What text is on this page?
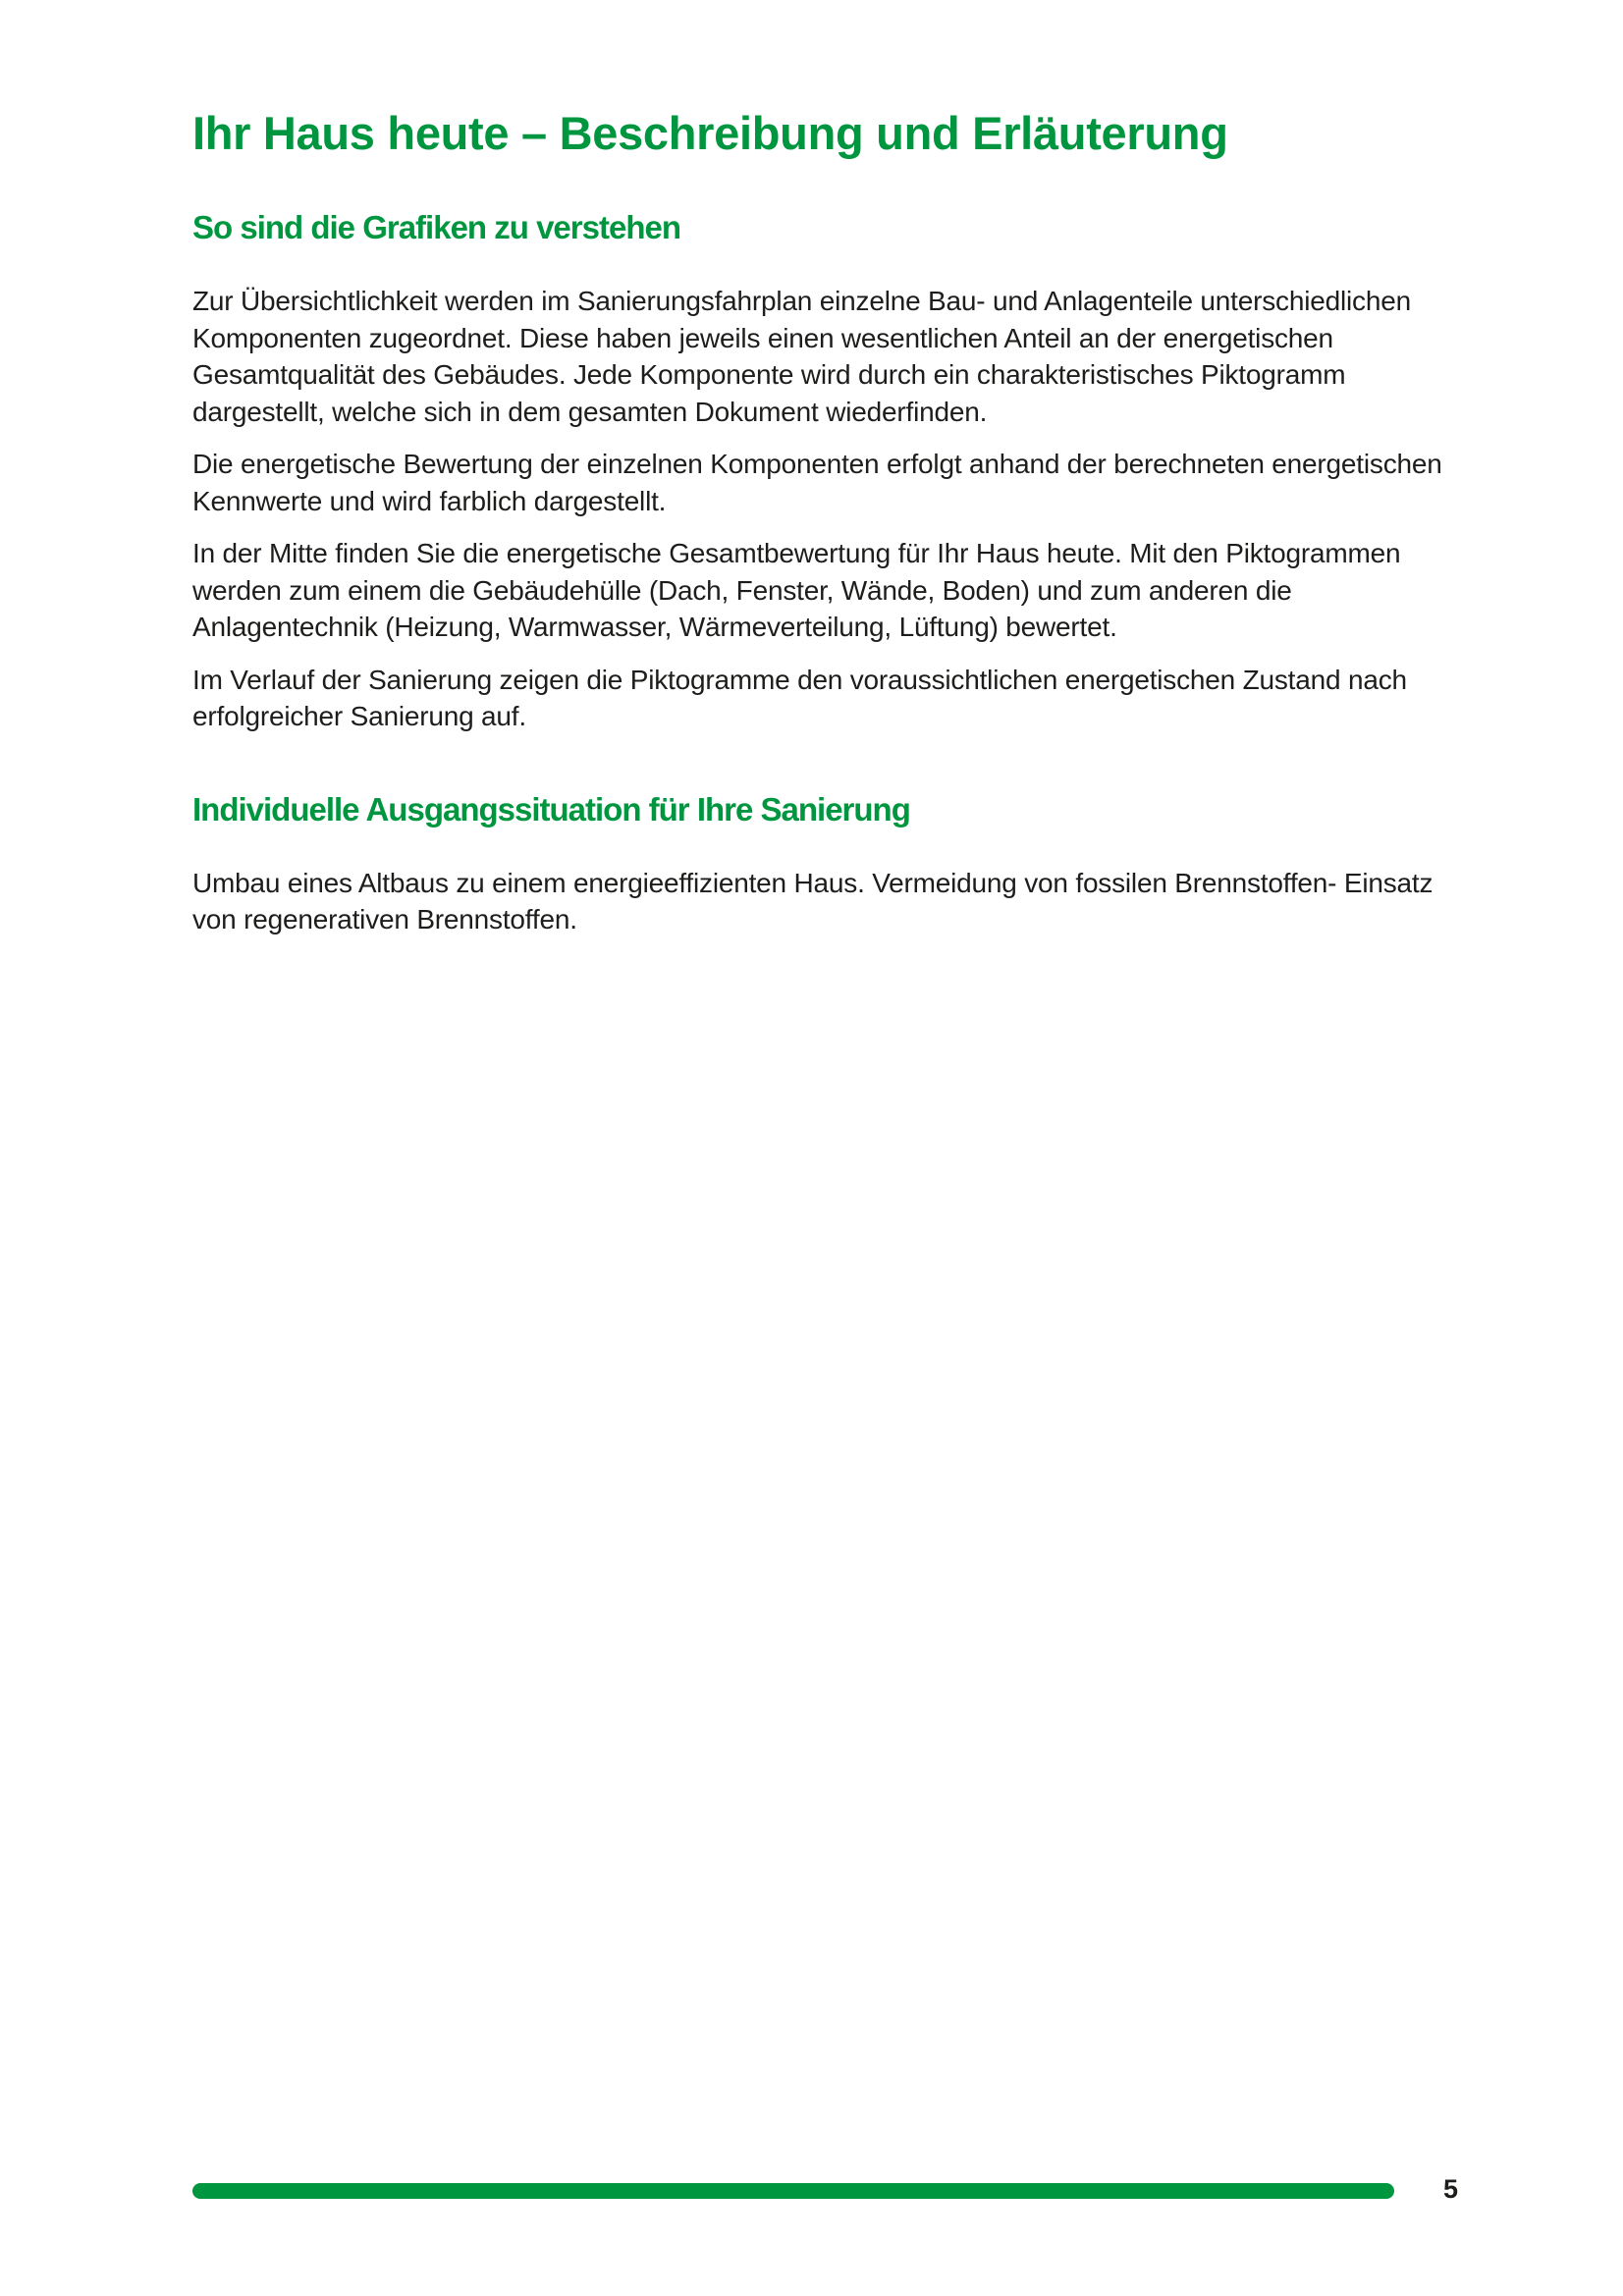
Ihr Haus heute – Beschreibung und Erläuterung
So sind die Grafiken zu verstehen

Zur Übersichtlichkeit werden im Sanierungsfahrplan einzelne Bau- und Anlagenteile unterschiedlichen Komponenten zugeordnet. Diese haben jeweils einen wesentlichen Anteil an der energetischen Gesamtqualität des Gebäudes. Jede Komponente wird durch ein charakteristisches Piktogramm dargestellt, welche sich in dem gesamten Dokument wiederfinden.

Die energetische Bewertung der einzelnen Komponenten erfolgt anhand der berechneten energetischen Kennwerte und wird farblich dargestellt.

In der Mitte finden Sie die energetische Gesamtbewertung für Ihr Haus heute. Mit den Piktogrammen werden zum einem die Gebäudehülle (Dach, Fenster, Wände, Boden) und zum anderen die Anlagentechnik (Heizung, Warmwasser, Wärmeverteilung, Lüftung) bewertet.

Im Verlauf der Sanierung zeigen die Piktogramme den voraussichtlichen energetischen Zustand nach erfolgreicher Sanierung auf.

Individuelle Ausgangssituation für Ihre Sanierung

Umbau eines Altbaus zu einem energieeffizienten Haus. Vermeidung von fossilen Brennstoffen- Einsatz von regenerativen Brennstoffen.

5
